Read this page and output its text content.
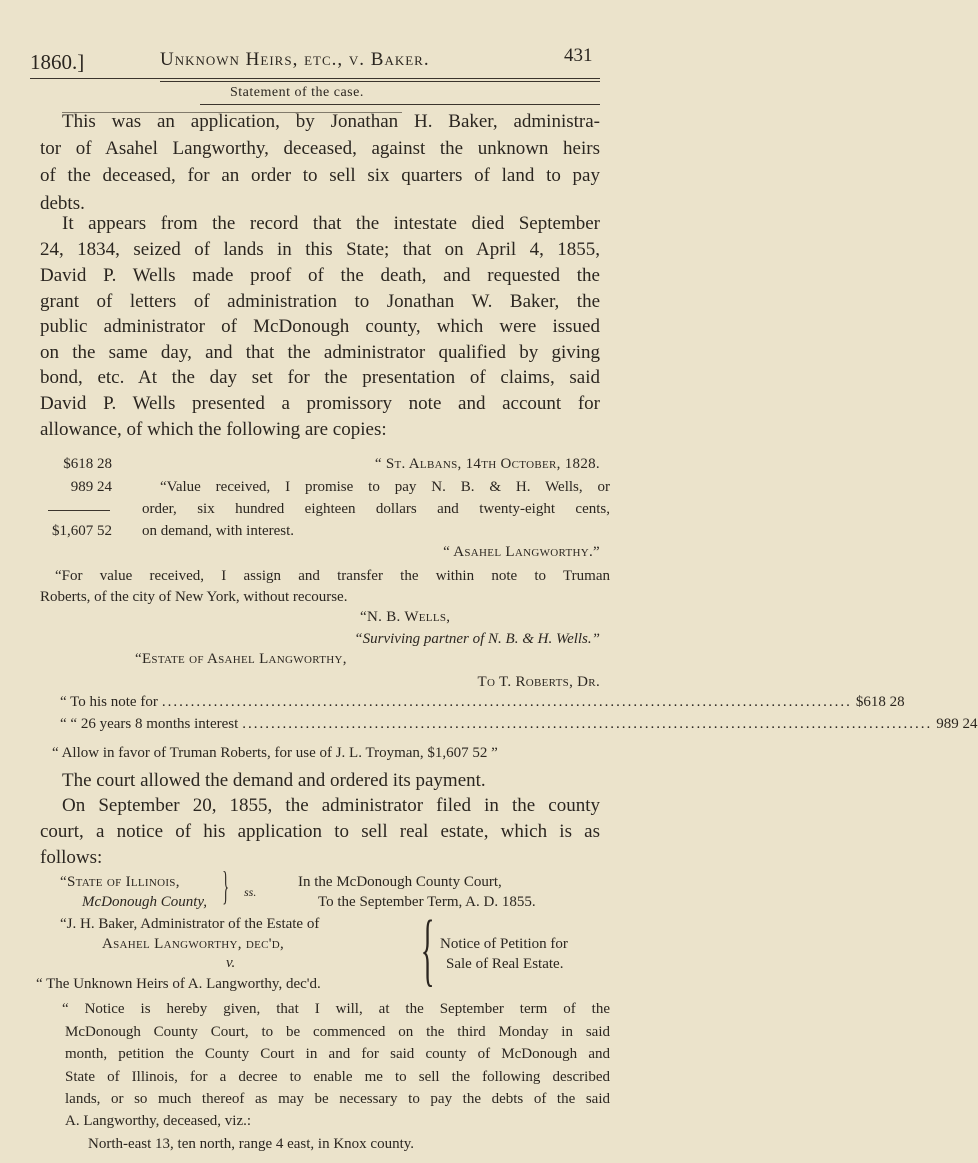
1860.]	Unknown Heirs, etc., v. Baker.	431
Statement of the case.
}
{
This was an application, by Jonathan H. Baker, administra-
tor of Asahel Langworthy, deceased, against the unknown heirs
of the deceased, for an order to sell six quarters of land to pay
debts.
It appears from the record that the intestate died September
24, 1834, seized of lands in this State; that on April 4, 1855,
David P. Wells made proof of the death, and requested the
grant of letters of administration to Jonathan W. Baker, the
public administrator of McDonough county, which were issued
on the same day, and that the administrator qualified by giving
bond, etc. At the day set for the presentation of claims, said
David P. Wells presented a promissory note and account for
allowance, of which the following are copies:
$618 28
989 24
$1,607 52
“ St. Albans, 14th October, 1828.
“Value received, I promise to pay N. B. & H. Wells, or
order, six hundred eighteen dollars and twenty-eight cents,
on demand, with interest.
“ Asahel Langworthy.”
“For value received, I assign and transfer the within note to Truman
Roberts, of the city of New York, without recourse.
“N. B. Wells,
“Surviving partner of N. B. & H. Wells.”
“Estate of Asahel Langworthy,
To T. Roberts, Dr.
“ Allow in favor of Truman Roberts, for use of J. L. Troyman, $1,607 52 ”
The court allowed the demand and ordered its payment.
On September 20, 1855, the administrator filed in the county
court, a notice of his application to sell real estate, which is as
follows:
“State of Illinois,
McDonough County,
ss.
In the McDonough County Court,
To the September Term, A. D. 1855.
“J. H. Baker, Administrator of the Estate of
Asahel Langworthy, dec'd,
v.
“ The Unknown Heirs of A. Langworthy, dec'd.
Notice of Petition for
Sale of Real Estate.
“ Notice is hereby given, that I will, at the September term of the
McDonough County Court, to be commenced on the third Monday in said
month, petition the County Court in and for said county of McDonough and
State of Illinois, for a decree to enable me to sell the following described
lands, or so much thereof as may be necessary to pay the debts of the said
A. Langworthy, deceased, viz.:
North-east 13, ten north, range 4 east, in Knox county.
“ To his note for ........................................................................................................................ $618 28
“ “ 26 years 8 months interest ........................................................................................................................ 989 24
